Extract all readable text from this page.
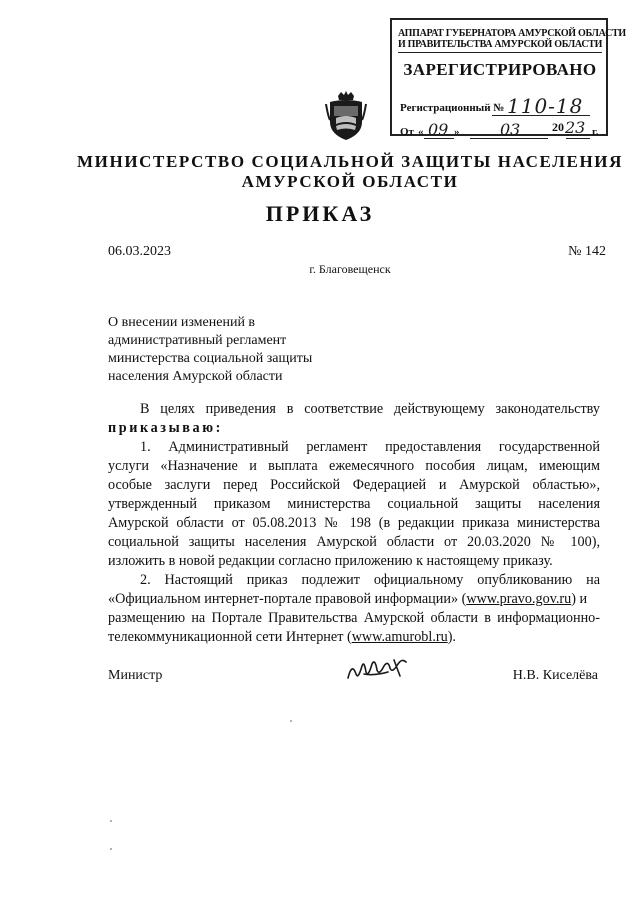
АППАРАТ ГУБЕРНАТОРА АМУРСКОЙ ОБЛАСТИ
И ПРАВИТЕЛЬСТВА АМУРСКОЙ ОБЛАСТИ
ЗАРЕГИСТРИРОВАНО
Регистрационный № 110-18
От « 09 »	03	20 23 г.
МИНИСТЕРСТВО СОЦИАЛЬНОЙ ЗАЩИТЫ НАСЕЛЕНИЯ
АМУРСКОЙ ОБЛАСТИ
ПРИКАЗ
06.03.2023	№ 142
г. Благовещенск
О внесении изменений в
административный регламент
министерства социальной защиты
населения Амурской области
В целях приведения в соответствие действующему законодательству
приказываю:
1. Административный регламент предоставления государственной
услуги «Назначение и выплата ежемесячного пособия лицам, имеющим
особые заслуги перед Российской Федерацией и Амурской областью»,
утвержденный приказом министерства социальной защиты населения
Амурской области от 05.08.2013 № 198 (в редакции приказа министерства
социальной защиты населения Амурской области от 20.03.2020 № 100),
изложить в новой редакции согласно приложению к настоящему приказу.
2. Настоящий приказ подлежит официальному опубликованию на
«Официальном интернет-портале правовой информации» (www.pravo.gov.ru) и
размещению на Портале Правительства Амурской области в информационно-
телекоммуникационной сети Интернет (www.amurobl.ru).
Министр	Н.В. Киселёва
